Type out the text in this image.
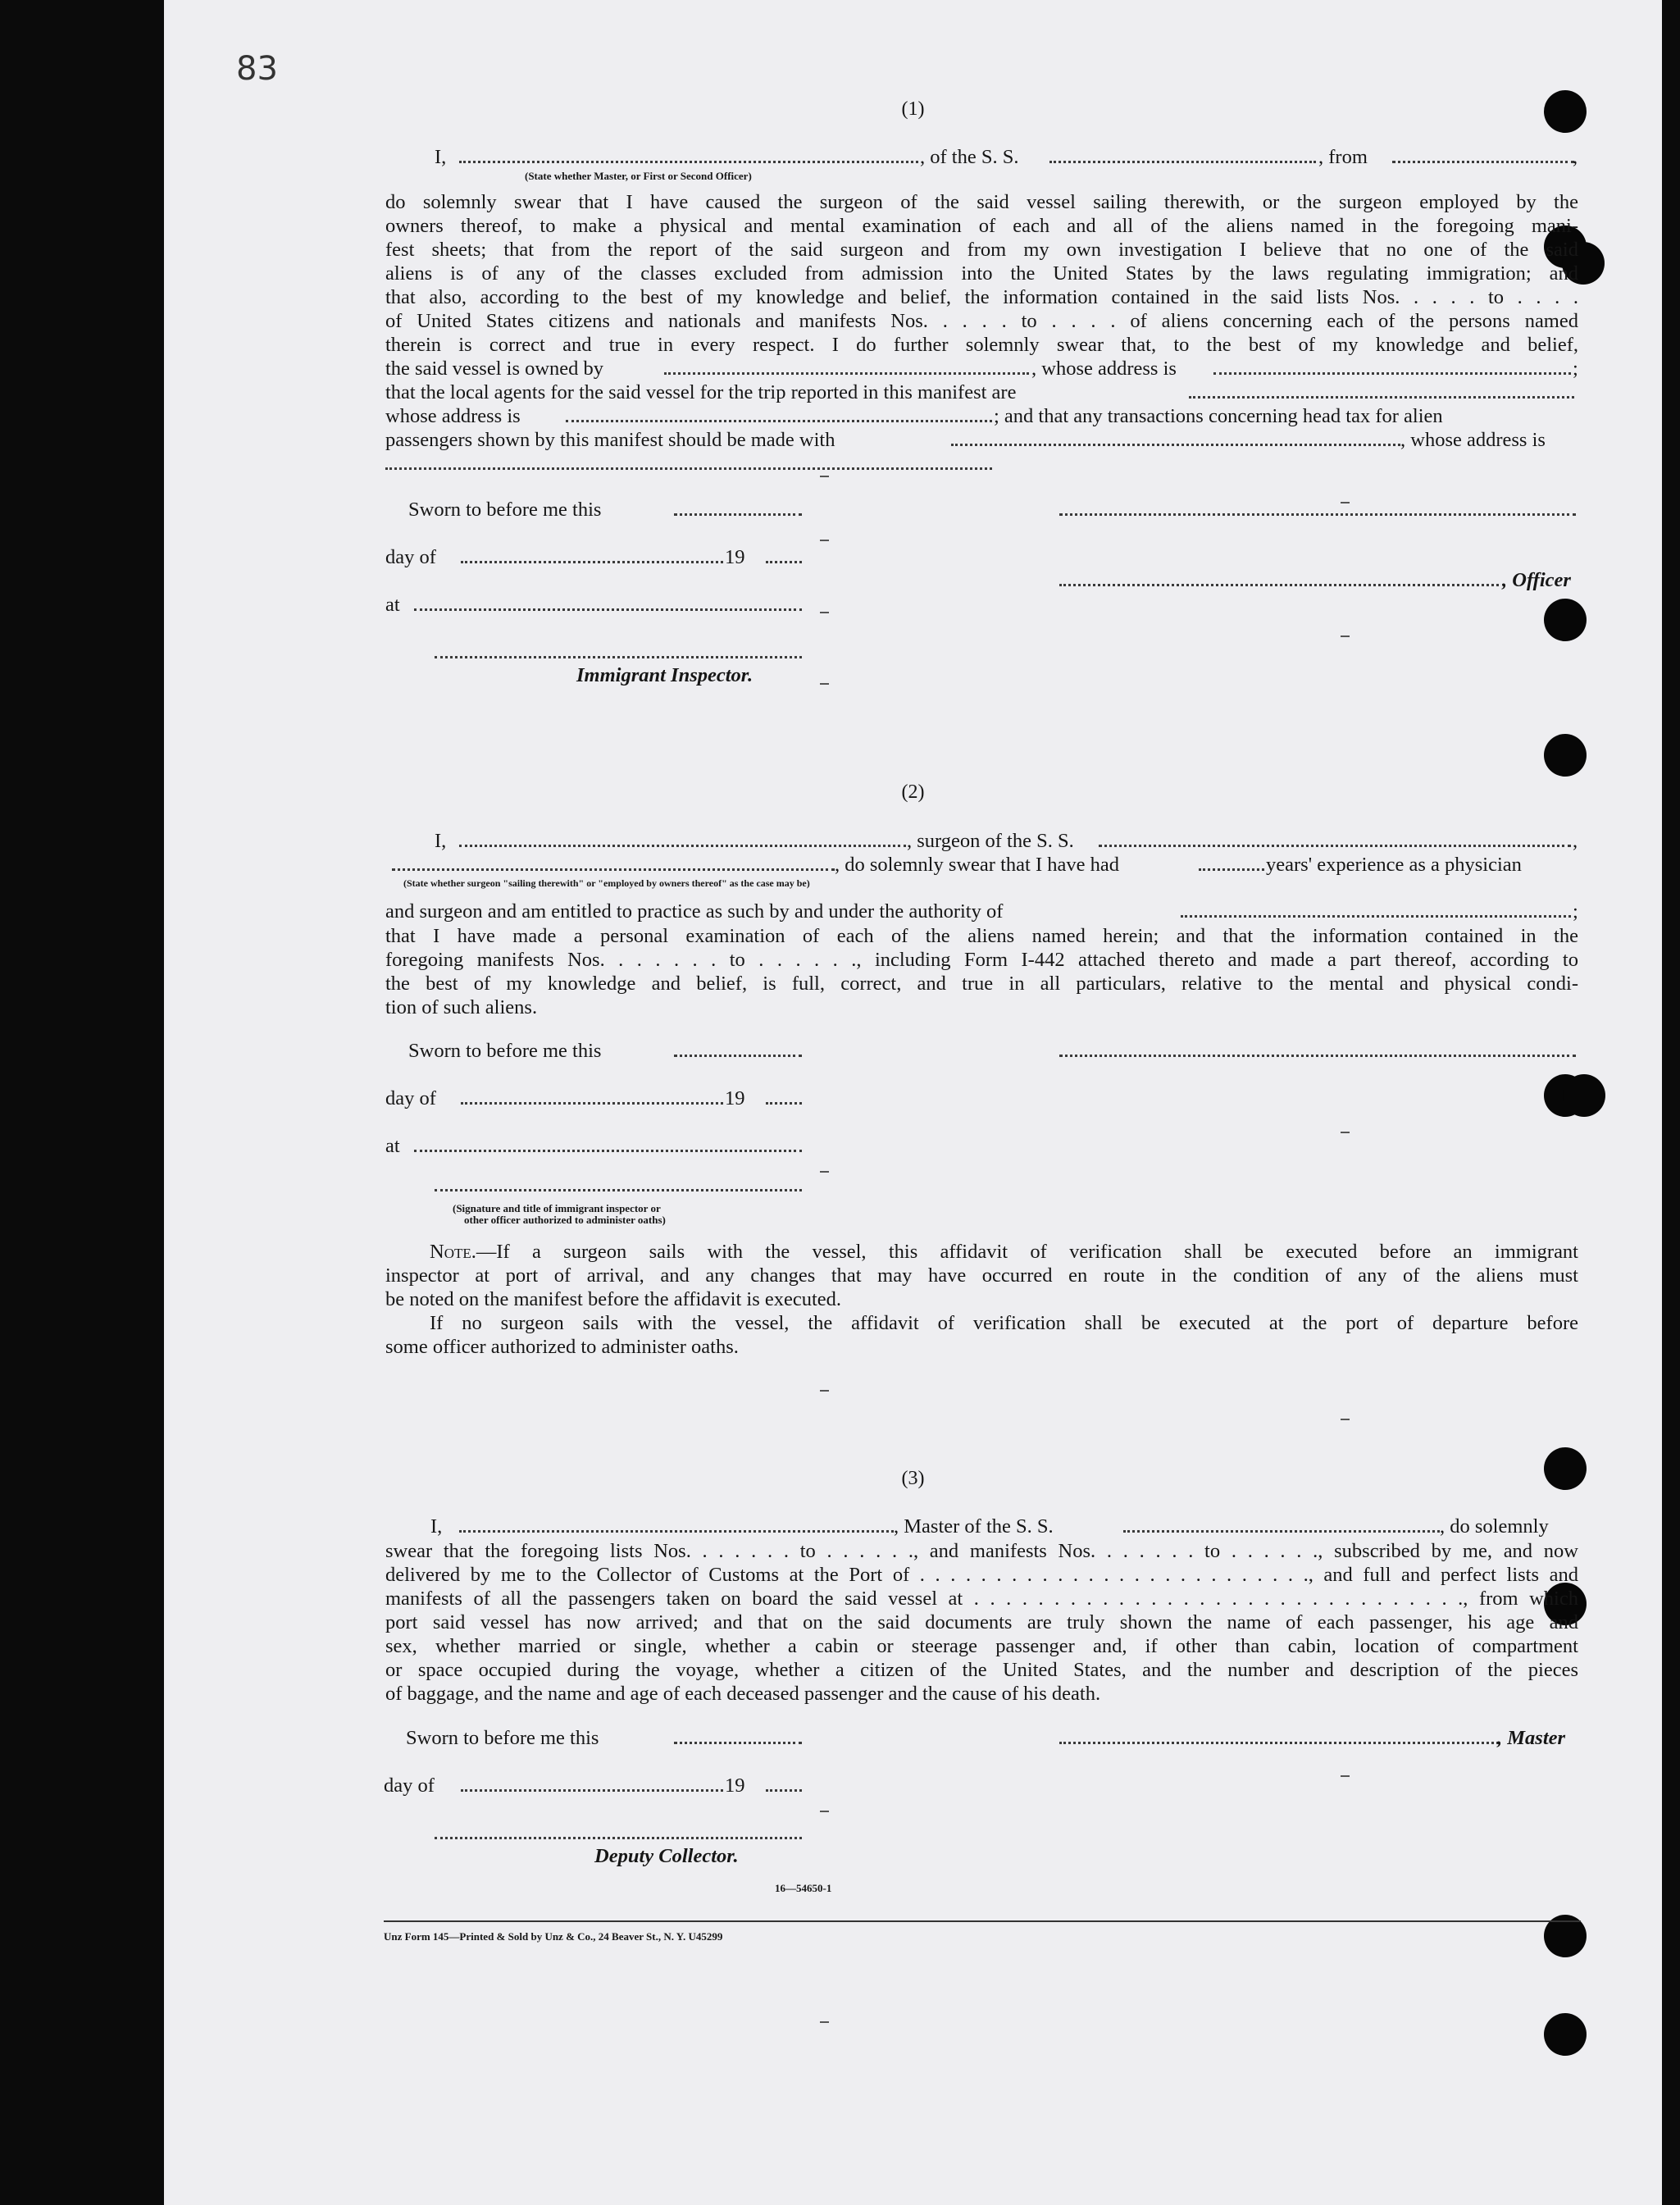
83
(1)
I,	, of the S. S.	, from	,
(State whether Master, or First or Second Officer)
do solemnly swear that I have caused the surgeon of the said vessel sailing therewith, or the surgeon employed by the
owners thereof, to make a physical and mental examination of each and all of the aliens named in the foregoing mani-
fest sheets; that from the report of the said surgeon and from my own investigation I believe that no one of the said
aliens is of any of the classes excluded from admission into the United States by the laws regulating immigration; and
that also, according to the best of my knowledge and belief, the information contained in the said lists Nos. . . . . to . . . .
of United States citizens and nationals and manifests Nos. . . . . to . . . . of aliens concerning each of the persons named
therein is correct and true in every respect. I do further solemnly swear that, to the best of my knowledge and belief,
the said vessel is owned by	, whose address is	;
that the local agents for the said vessel for the trip reported in this manifest are
whose address is	; and that any transactions concerning head tax for alien
passengers shown by this manifest should be made with	, whose address is
Sworn to before me this
day of	19
, Officer
at
Immigrant Inspector.
(2)
I,	, surgeon of the S. S.	,
, do solemnly swear that I have had	years' experience as a physician
(State whether surgeon "sailing therewith" or "employed by owners thereof" as the case may be)
and surgeon and am entitled to practice as such by and under the authority of	;
that I have made a personal examination of each of the aliens named herein; and that the information contained in the
foregoing manifests Nos. . . . . . . to . . . . . ., including Form I-442 attached thereto and made a part thereof, according to
the best of my knowledge and belief, is full, correct, and true in all particulars, relative to the mental and physical condi-
tion of such aliens.
Sworn to before me this
day of	19
at
(Signature and title of immigrant inspector or
other officer authorized to administer oaths)
Note.—If a surgeon sails with the vessel, this affidavit of verification shall be executed before an immigrant
inspector at port of arrival, and any changes that may have occurred en route in the condition of any of the aliens must
be noted on the manifest before the affidavit is executed.
If no surgeon sails with the vessel, the affidavit of verification shall be executed at the port of departure before
some officer authorized to administer oaths.
(3)
I,	, Master of the S. S.	, do solemnly
swear that the foregoing lists Nos. . . . . . . to . . . . . ., and manifests Nos. . . . . . . to . . . . . ., subscribed by me, and now
delivered by me to the Collector of Customs at the Port of . . . . . . . . . . . . . . . . . . . . . . . . . ., and full and perfect lists and
manifests of all the passengers taken on board the said vessel at . . . . . . . . . . . . . . . . . . . . . . . . . . . . . . ., from which
port said vessel has now arrived; and that on the said documents are truly shown the name of each passenger, his age and
sex, whether married or single, whether a cabin or steerage passenger and, if other than cabin, location of compartment
or space occupied during the voyage, whether a citizen of the United States, and the number and description of the pieces
of baggage, and the name and age of each deceased passenger and the cause of his death.
Sworn to before me this	, Master
day of	19
Deputy Collector.
16—54650-1
Unz Form 145—Printed & Sold by Unz & Co., 24 Beaver St., N. Y. U45299
